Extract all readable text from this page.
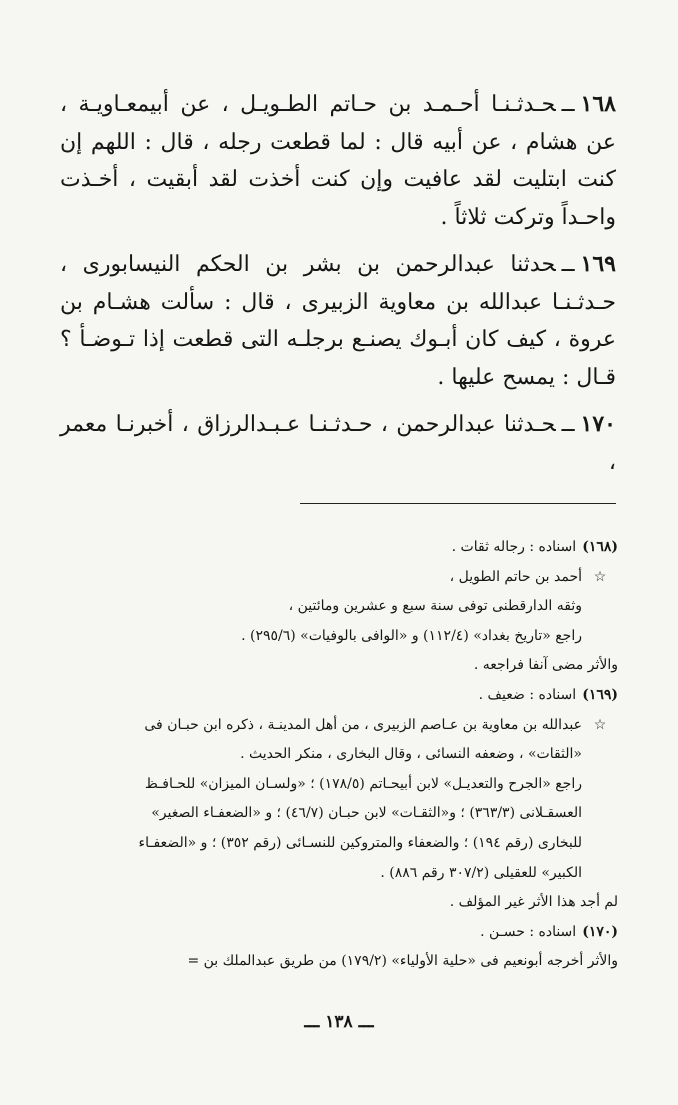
١٦٨ــحـدثـنـا أحـمـد بن حـاتم الطـويـل ، عن أبيمعـاويـة ، عن هشام ، عن أبيه قال : لما قطعت رجله ، قال : اللهم إن كنت ابتليت لقد عافيت وإن كنت أخذت لقد أبقيت ، أخـذت واحـداً وتركت ثلاثاً .

١٦٩ــحدثنا عبدالرحمن بن بشر بن الحكم النيسابورى ، حـدثـنـا عبدالله بن معاوية الزبيرى ، قال : سألت هشـام بن عروة ، كيف كان أبـوك يصنـع برجلـه التى قطعت إذا تـوضـأ ؟ قـال : يمسح عليها .

١٧٠ــحـدثنا عبدالرحمن ، حـدثـنـا عـبـدالرزاق ، أخبرنـا معمر ،

(١٦٨)اسناده : رجاله ثقات .
☆أحمد بن حاتم الطويل ،
وثقه الدارقطنى توفى سنة سبع و عشرين ومائتين ،
راجع «تاريخ بغداد» (١١٢/٤) و «الوافى بالوفيات» (٢٩٥/٦) .
والأثر مضى آنفا فراجعه .
(١٦٩)اسناده : ضعيف .
☆عبدالله بن معاوية بن عـاصم الزبيرى ، من أهل المدينـة ، ذكره ابن حبـان فى
«الثقات» ، وضعفه النسائى ، وقال البخارى ، منكر الحديث .
راجع «الجرح والتعديـل» لابن أبيحـاتم (١٧٨/٥) ؛ «ولسـان الميزان» للحـافـظ
العسقـلانى (٣٦٣/٣) ؛ و«الثقـات» لابن حبـان (٤٦/٧) ؛ و «الضعفـاء الصغير»
للبخارى (رقم ١٩٤) ؛ والضعفاء والمتروكين للنسـائى (رقم ٣٥٢) ؛ و «الضعفـاء
الكبير» للعقيلى (٣٠٧/٢ رقم ٨٨٦) .
لم أجد هذا الأثر غير المؤلف .
(١٧٠)اسناده : حسـن .
والأثر أخرجه أبونعيم فى «حلية الأولياء» (١٧٩/٢) من طريق عبدالملك بن =
ـــ ١٣٨ ـــ
